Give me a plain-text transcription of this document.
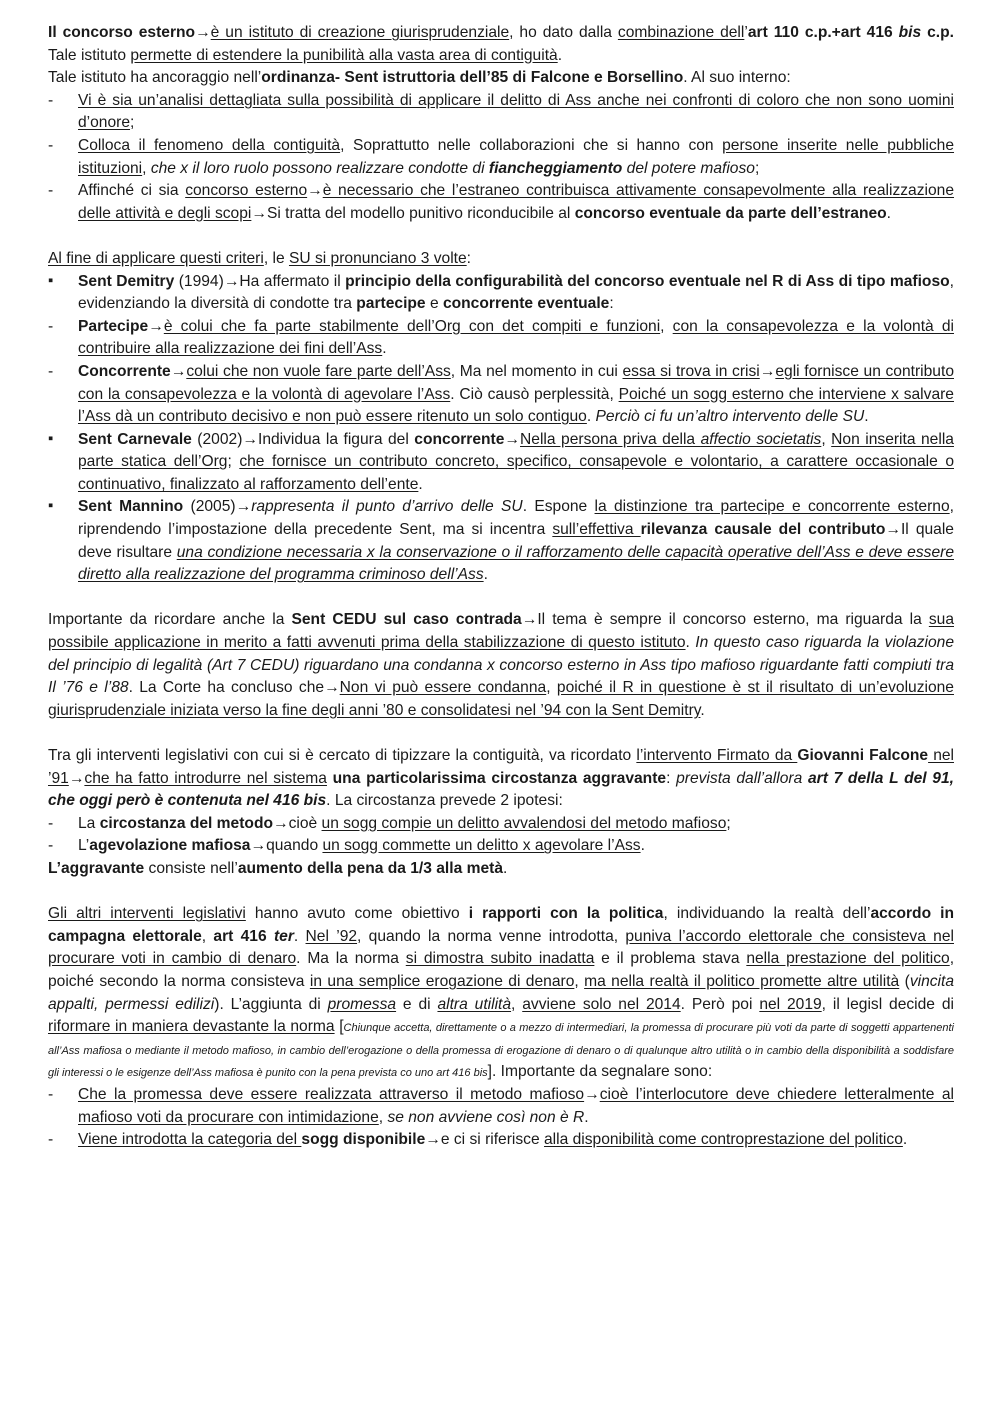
Il concorso esterno→è un istituto di creazione giurisprudenziale, ho dato dalla combinazione dell’art 110 c.p.+art 416 bis c.p. Tale istituto permette di estendere la punibilità alla vasta area di contiguità.

Tale istituto ha ancoraggio nell’ordinanza- Sent istruttoria dell’85 di Falcone e Borsellino. Al suo interno:

- Vi è sia un’analisi dettagliata sulla possibilità di applicare il delitto di Ass anche nei confronti di coloro che non sono uomini d’onore;
- Colloca il fenomeno della contiguità, Soprattutto nelle collaborazioni che si hanno con persone inserite nelle pubbliche istituzioni, che x il loro ruolo possono realizzare condotte di fiancheggiamento del potere mafioso;
- Affinché ci sia concorso esterno→è necessario che l’estraneo contribuisca attivamente consapevolmente alla realizzazione delle attività e degli scopi→Si tratta del modello punitivo riconducibile al concorso eventuale da parte dell’estraneo.

Al fine di applicare questi criteri, le SU si pronunciano 3 volte:

▪ Sent Demitry (1994)→Ha affermato il principio della configurabilità del concorso eventuale nel R di Ass di tipo mafioso, evidenziando la diversità di condotte tra partecipe e concorrente eventuale:
- Partecipe→è colui che fa parte stabilmente dell’Org con det compiti e funzioni, con la consapevolezza e la volontà di contribuire alla realizzazione dei fini dell’Ass.
- Concorrente→colui che non vuole fare parte dell’Ass, Ma nel momento in cui essa si trova in crisi→egli fornisce un contributo con la consapevolezza e la volontà di agevolare l’Ass. Ciò causò perplessità, Poiché un sogg esterno che interviene x salvare l’Ass dà un contributo decisivo e non può essere ritenuto un solo contiguo. Perciò ci fu un’altro intervento delle SU.
▪ Sent Carnevale (2002)→Individua la figura del concorrente→Nella persona priva della affectio societatis, Non inserita nella parte statica dell’Org; che fornisce un contributo concreto, specifico, consapevole e volontario, a carattere occasionale o continuativo, finalizzato al rafforzamento dell’ente.
▪ Sent Mannino (2005)→rappresenta il punto d’arrivo delle SU. Espone la distinzione tra partecipe e concorrente esterno, riprendendo l’impostazione della precedente Sent, ma si incentra sull’effettiva rilevanza causale del contributo→Il quale deve risultare una condizione necessaria x la conservazione o il rafforzamento delle capacità operative dell’Ass e deve essere diretto alla realizzazione del programma criminoso dell’Ass.

Importante da ricordare anche la Sent CEDU sul caso contrada→Il tema è sempre il concorso esterno, ma riguarda la sua possibile applicazione in merito a fatti avvenuti prima della stabilizzazione di questo istituto. In questo caso riguarda la violazione del principio di legalità (Art 7 CEDU) riguardano una condanna x concorso esterno in Ass tipo mafioso riguardante fatti compiuti tra Il ’76 e l’88. La Corte ha concluso che→Non vi può essere condanna, poiché il R in questione è st il risultato di un’evoluzione giurisprudenziale iniziata verso la fine degli anni ’80 e consolidatesi nel ’94 con la Sent Demitry.

Tra gli interventi legislativi con cui si è cercato di tipizzare la contiguità, va ricordato l’intervento Firmato da Giovanni Falcone nel ’91→che ha fatto introdurre nel sistema una particolarissima circostanza aggravante: prevista dall’allora art 7 della L del 91, che oggi però è contenuta nel 416 bis. La circostanza prevede 2 ipotesi:

- La circostanza del metodo→cioè un sogg compie un delitto avvalendosi del metodo mafioso;
- L’agevolazione mafiosa→quando un sogg commette un delitto x agevolare l’Ass.

L’aggravante consiste nell’aumento della pena da 1/3 alla metà.

Gli altri interventi legislativi hanno avuto come obiettivo i rapporti con la politica, individuando la realtà dell’accordo in campagna elettorale, art 416 ter. Nel ’92, quando la norma venne introdotta, puniva l’accordo elettorale che consisteva nel procurare voti in cambio di denaro. Ma la norma si dimostra subito inadatta e il problema stava nella prestazione del politico, poiché secondo la norma consisteva in una semplice erogazione di denaro, ma nella realtà il politico promette altre utilità (vincita appalti, permessi edilizi). L’aggiunta di promessa e di altra utilità, avviene solo nel 2014. Però poi nel 2019, il legisl decide di riformare in maniera devastante la norma [Chiunque accetta, direttamente o a mezzo di intermediari, la promessa di procurare più voti da parte di soggetti appartenenti all’Ass mafiosa o mediante il metodo mafioso, in cambio dell’erogazione o della promessa di erogazione di denaro o di qualunque altro utilità o in cambio della disponibilità a soddisfare gli interessi o le esigenze dell’Ass mafiosa è punito con la pena prevista co uno art 416 bis]. Importante da segnalare sono:

- Che la promessa deve essere realizzata attraverso il metodo mafioso→cioè l’interlocutore deve chiedere letteralmente al mafioso voti da procurare con intimidazione, se non avviene così non è R.
- Viene introdotta la categoria del sogg disponibile→e ci si riferisce alla disponibilità come controprestazione del politico.
